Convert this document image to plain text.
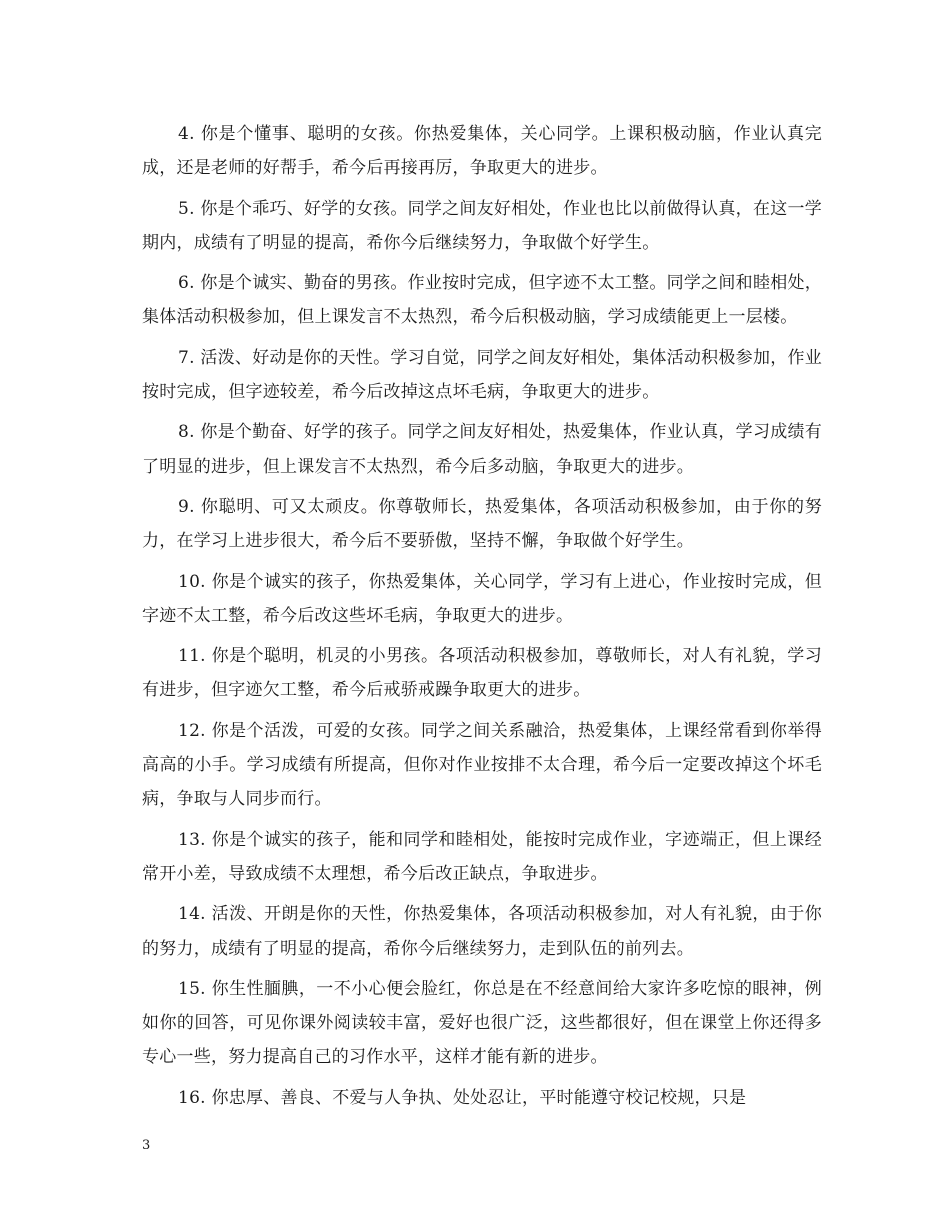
4. 你是个懂事、聪明的女孩。你热爱集体，关心同学。上课积极动脑，作业认真完成，还是老师的好帮手，希今后再接再厉，争取更大的进步。

5. 你是个乖巧、好学的女孩。同学之间友好相处，作业也比以前做得认真，在这一学期内，成绩有了明显的提高，希你今后继续努力，争取做个好学生。

6. 你是个诚实、勤奋的男孩。作业按时完成，但字迹不太工整。同学之间和睦相处，集体活动积极参加，但上课发言不太热烈，希今后积极动脑，学习成绩能更上一层楼。

7. 活泼、好动是你的天性。学习自觉，同学之间友好相处，集体活动积极参加，作业按时完成，但字迹较差，希今后改掉这点坏毛病，争取更大的进步。

8. 你是个勤奋、好学的孩子。同学之间友好相处，热爱集体，作业认真，学习成绩有了明显的进步，但上课发言不太热烈，希今后多动脑，争取更大的进步。

9. 你聪明、可又太顽皮。你尊敬师长，热爱集体，各项活动积极参加，由于你的努力，在学习上进步很大，希今后不要骄傲，坚持不懈，争取做个好学生。

10. 你是个诚实的孩子，你热爱集体，关心同学，学习有上进心，作业按时完成，但字迹不太工整，希今后改这些坏毛病，争取更大的进步。

11. 你是个聪明，机灵的小男孩。各项活动积极参加，尊敬师长，对人有礼貌，学习有进步，但字迹欠工整，希今后戒骄戒躁争取更大的进步。

12. 你是个活泼，可爱的女孩。同学之间关系融洽，热爱集体，上课经常看到你举得高高的小手。学习成绩有所提高，但你对作业按排不太合理，希今后一定要改掉这个坏毛病，争取与人同步而行。

13. 你是个诚实的孩子，能和同学和睦相处，能按时完成作业，字迹端正，但上课经常开小差，导致成绩不太理想，希今后改正缺点，争取进步。

14. 活泼、开朗是你的天性，你热爱集体，各项活动积极参加，对人有礼貌，由于你的努力，成绩有了明显的提高，希你今后继续努力，走到队伍的前列去。

15. 你生性腼腆，一不小心便会脸红，你总是在不经意间给大家许多吃惊的眼神，例如你的回答，可见你课外阅读较丰富，爱好也很广泛，这些都很好，但在课堂上你还得多专心一些，努力提高自己的习作水平，这样才能有新的进步。

16. 你忠厚、善良、不爱与人争执、处处忍让，平时能遵守校记校规，只是

3
